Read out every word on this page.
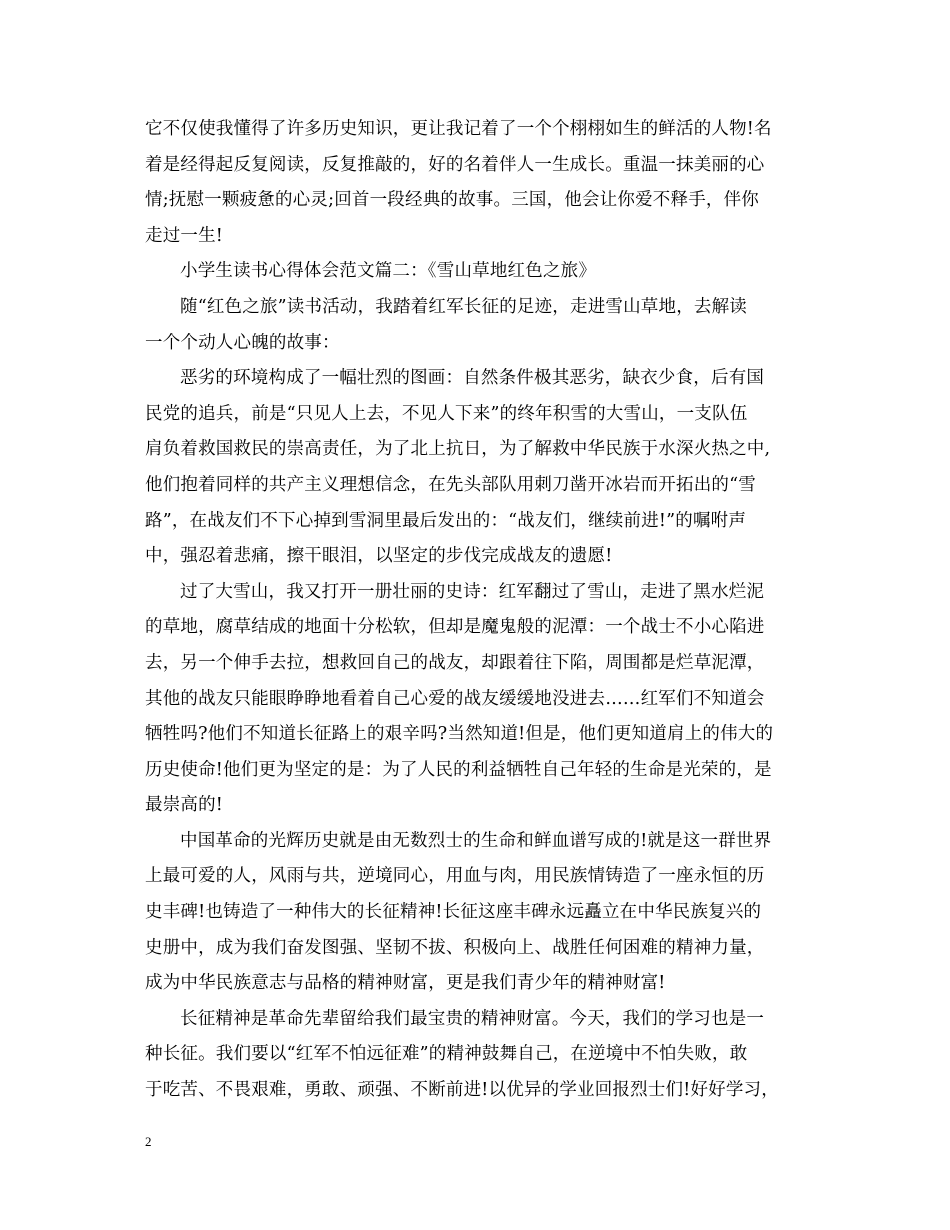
它不仅使我懂得了许多历史知识，更让我记着了一个个栩栩如生的鲜活的人物!名
着是经得起反复阅读，反复推敲的，好的名着伴人一生成长。重温一抹美丽的心
情;抚慰一颗疲惫的心灵;回首一段经典的故事。三国，他会让你爱不释手，伴你
走过一生!
小学生读书心得体会范文篇二：《雪山草地红色之旅》
随“红色之旅”读书活动，我踏着红军长征的足迹，走进雪山草地，去解读
一个个动人心魄的故事：
恶劣的环境构成了一幅壮烈的图画：自然条件极其恶劣，缺衣少食，后有国
民党的追兵，前是“只见人上去，不见人下来”的终年积雪的大雪山，一支队伍
肩负着救国救民的崇高责任，为了北上抗日，为了解救中华民族于水深火热之中,
他们抱着同样的共产主义理想信念，在先头部队用刺刀凿开冰岩而开拓出的“雪
路”，在战友们不下心掉到雪洞里最后发出的：“战友们，继续前进!”的嘱咐声
中，强忍着悲痛，擦干眼泪，以坚定的步伐完成战友的遗愿!
过了大雪山，我又打开一册壮丽的史诗：红军翻过了雪山，走进了黑水烂泥
的草地，腐草结成的地面十分松软，但却是魔鬼般的泥潭：一个战士不小心陷进
去，另一个伸手去拉，想救回自己的战友，却跟着往下陷，周围都是烂草泥潭，
其他的战友只能眼睁睁地看着自己心爱的战友缓缓地没进去……红军们不知道会
牺牲吗?他们不知道长征路上的艰辛吗?当然知道!但是，他们更知道肩上的伟大的
历史使命!他们更为坚定的是：为了人民的利益牺牲自己年轻的生命是光荣的，是
最崇高的!
中国革命的光辉历史就是由无数烈士的生命和鲜血谱写成的!就是这一群世界
上最可爱的人，风雨与共，逆境同心，用血与肉，用民族情铸造了一座永恒的历
史丰碑!也铸造了一种伟大的长征精神!长征这座丰碑永远矗立在中华民族复兴的
史册中，成为我们奋发图强、坚韧不拔、积极向上、战胜任何困难的精神力量，
成为中华民族意志与品格的精神财富，更是我们青少年的精神财富!
长征精神是革命先辈留给我们最宝贵的精神财富。今天，我们的学习也是一
种长征。我们要以“红军不怕远征难”的精神鼓舞自己，在逆境中不怕失败，敢
于吃苦、不畏艰难，勇敢、顽强、不断前进!以优异的学业回报烈士们!好好学习，
2
